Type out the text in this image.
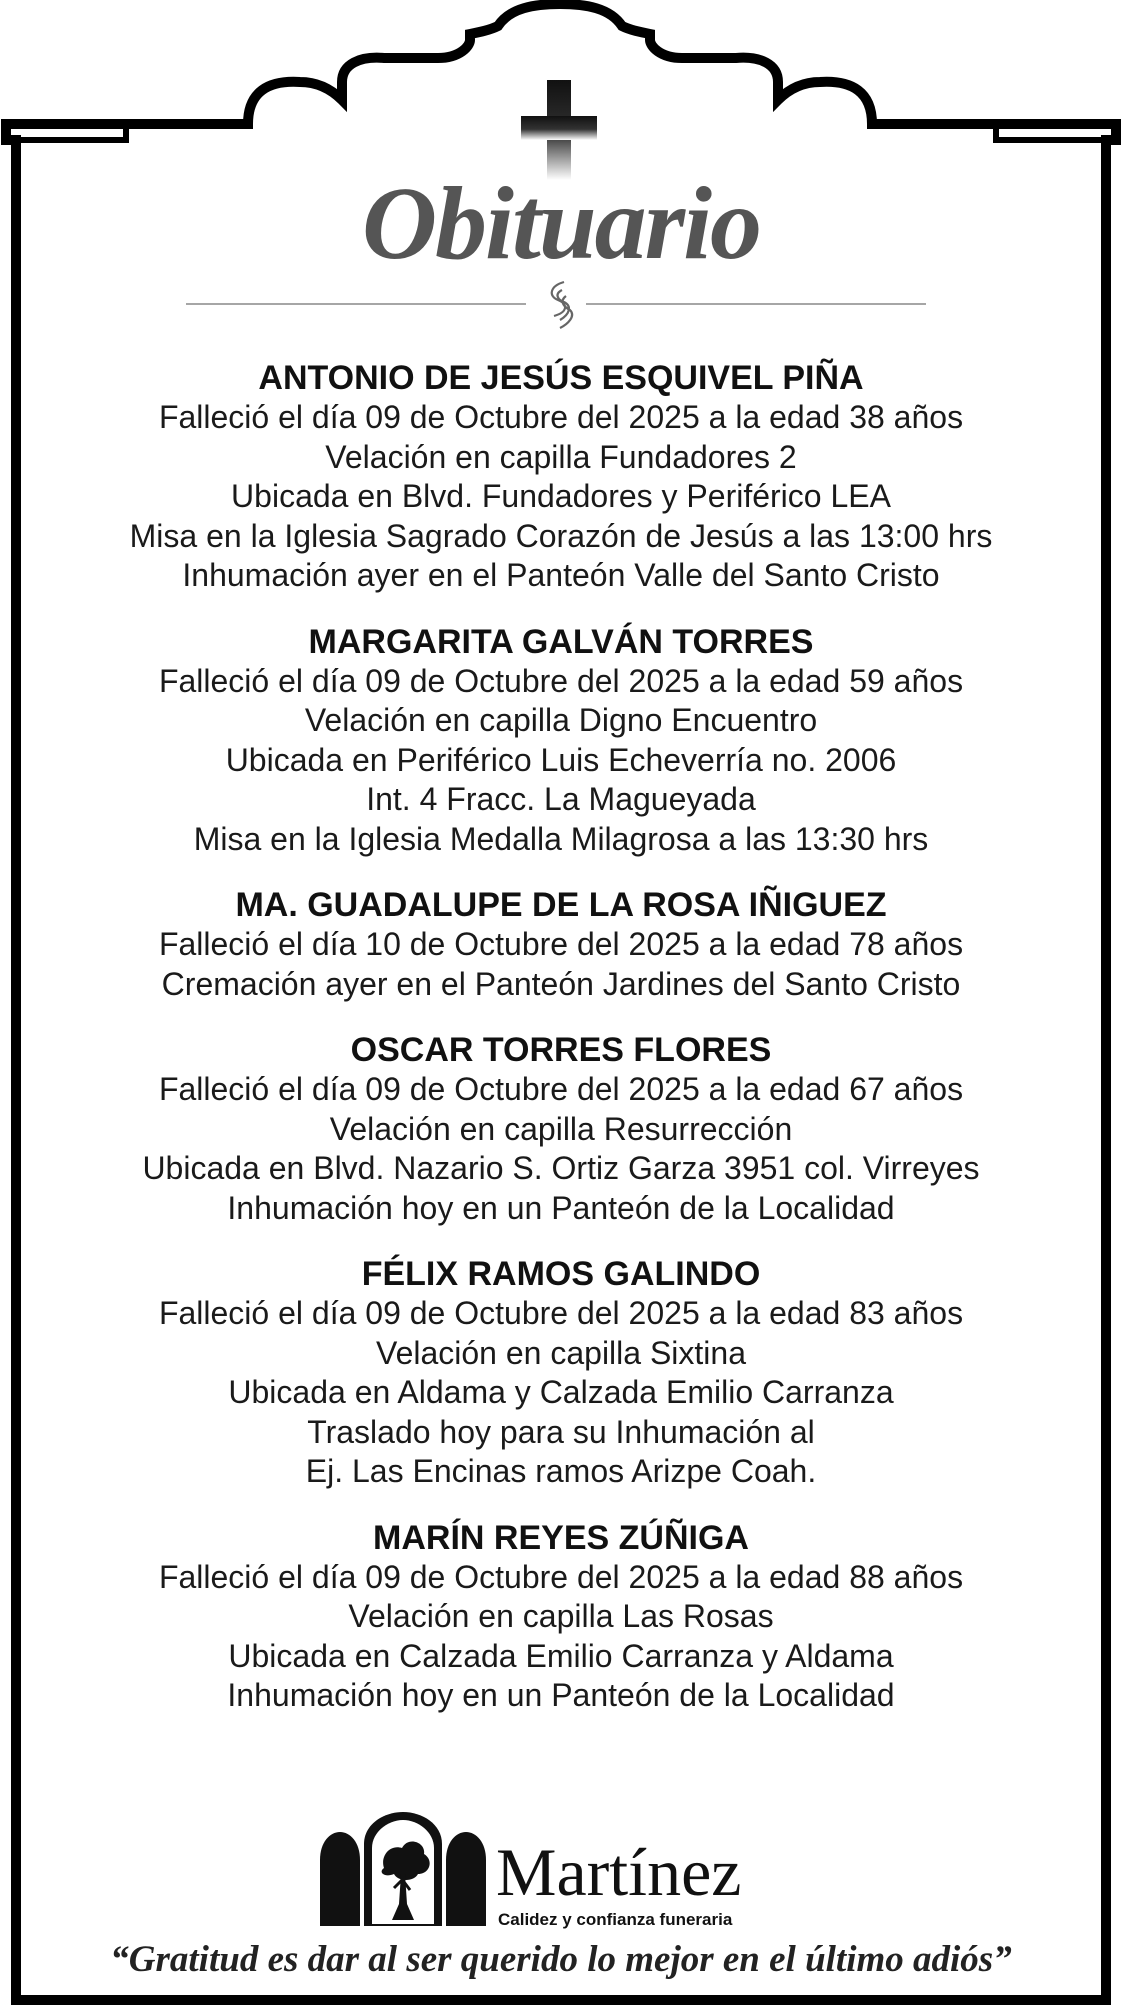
Obituario
ANTONIO DE JESÚS ESQUIVEL PIÑA
Falleció el día 09 de Octubre del 2025 a la edad 38 años
Velación en capilla Fundadores 2
Ubicada en Blvd. Fundadores y Periférico LEA
Misa en la Iglesia Sagrado Corazón de Jesús a las 13:00 hrs
Inhumación ayer en el Panteón Valle del Santo Cristo
MARGARITA GALVÁN TORRES
Falleció el día 09 de Octubre del 2025 a la edad 59 años
Velación en capilla Digno Encuentro
Ubicada en Periférico Luis Echeverría no. 2006
Int. 4 Fracc. La Magueyada
Misa en la Iglesia Medalla Milagrosa a las 13:30 hrs
MA. GUADALUPE DE LA ROSA IÑIGUEZ
Falleció el día 10 de Octubre del 2025 a la edad 78 años
Cremación ayer en el Panteón Jardines del Santo Cristo
OSCAR TORRES FLORES
Falleció el día 09 de Octubre del 2025 a la edad 67 años
Velación en capilla Resurrección
Ubicada en Blvd. Nazario S. Ortiz Garza 3951 col. Virreyes
Inhumación hoy en un Panteón de la Localidad
FÉLIX RAMOS GALINDO
Falleció el día 09 de Octubre del 2025 a la edad 83 años
Velación en capilla Sixtina
Ubicada en Aldama y Calzada Emilio Carranza
Traslado hoy para su Inhumación al
Ej. Las Encinas ramos Arizpe Coah.
MARÍN REYES ZÚÑIGA
Falleció el día 09 de Octubre del 2025 a la edad 88 años
Velación en capilla Las Rosas
Ubicada en Calzada Emilio Carranza y Aldama
Inhumación hoy en un Panteón de la Localidad
Martínez
Calidez y confianza funeraria
“Gratitud es dar al ser querido lo mejor en el último adiós”
